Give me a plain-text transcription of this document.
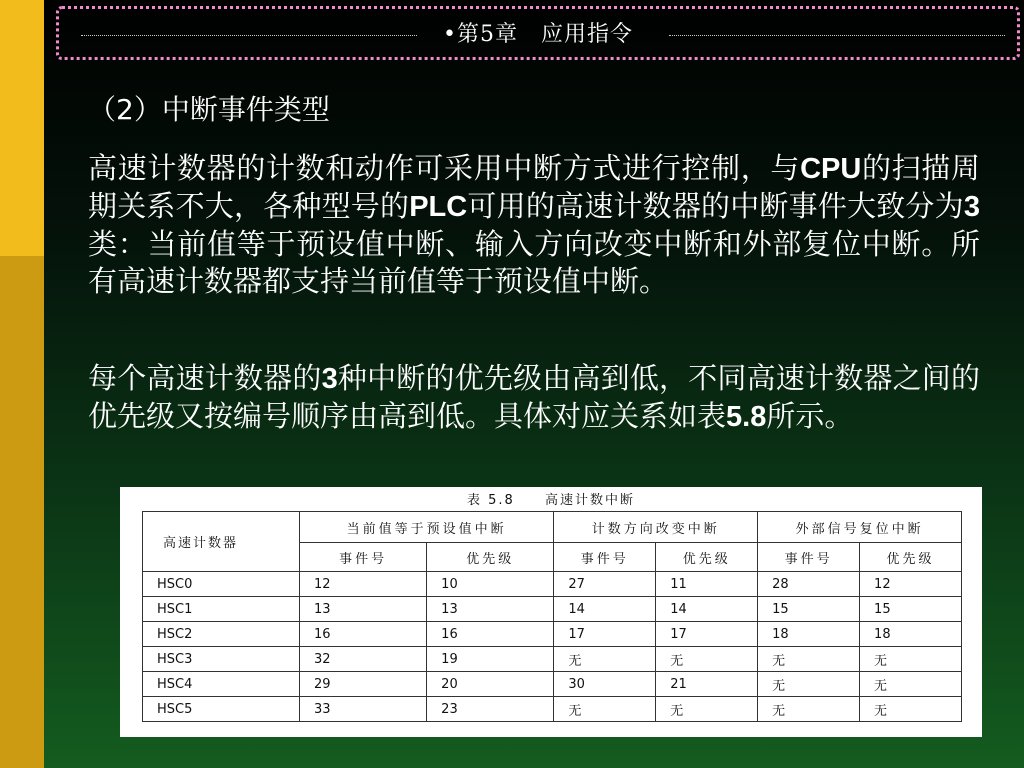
•第5章　应用指令
（2）中断事件类型

高速计数器的计数和动作可采用中断方式进行控制，与CPU的扫描周期关系不大，各种型号的PLC可用的高速计数器的中断事件大致分为3类：当前值等于预设值中断、输入方向改变中断和外部复位中断。所有高速计数器都支持当前值等于预设值中断。

每个高速计数器的3种中断的优先级由高到低，不同高速计数器之间的优先级又按编号顺序由高到低。具体对应关系如表5.8所示。

表 5.8 高速计数中断
高速计数器	当前值等于预设值中断		计数方向改变中断		外部信号复位中断	
	事件号	优先级	事件号	优先级	事件号	优先级
HSC0	12	10	27	11	28	12
HSC1	13	13	14	14	15	15
HSC2	16	16	17	17	18	18
HSC3	32	19	无	无	无	无
HSC4	29	20	30	21	无	无
HSC5	33	23	无	无	无	无
